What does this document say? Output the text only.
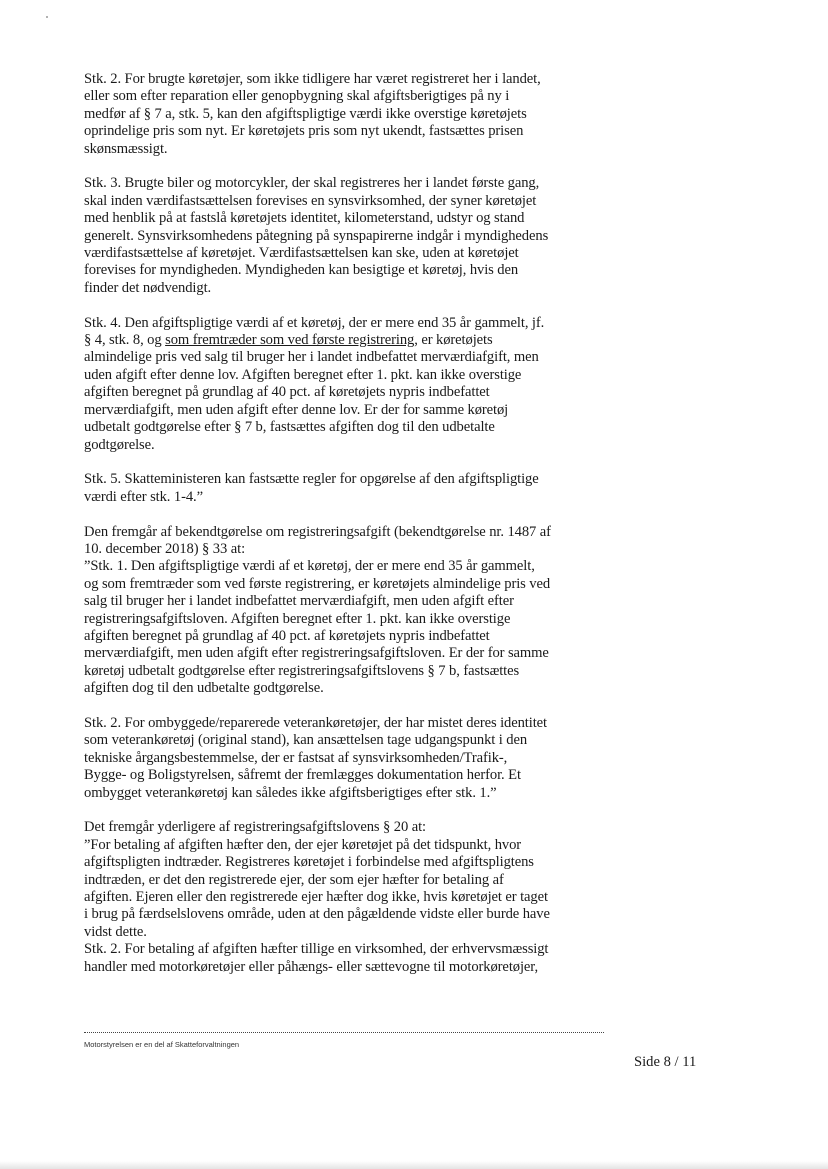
Stk. 2. For brugte køretøjer, som ikke tidligere har været registreret her i landet,
eller som efter reparation eller genopbygning skal afgiftsberigtiges på ny i
medfør af § 7 a, stk. 5, kan den afgiftspligtige værdi ikke overstige køretøjets
oprindelige pris som nyt. Er køretøjets pris som nyt ukendt, fastsættes prisen
skønsmæssigt.
Stk. 3. Brugte biler og motorcykler, der skal registreres her i landet første gang,
skal inden værdifastsættelsen forevises en synsvirksomhed, der syner køretøjet
med henblik på at fastslå køretøjets identitet, kilometerstand, udstyr og stand
generelt. Synsvirksomhedens påtegning på synspapirerne indgår i myndighedens
værdifastsættelse af køretøjet. Værdifastsættelsen kan ske, uden at køretøjet
forevises for myndigheden. Myndigheden kan besigtige et køretøj, hvis den
finder det nødvendigt.
Stk. 4. Den afgiftspligtige værdi af et køretøj, der er mere end 35 år gammelt, jf.
§ 4, stk. 8, og som fremtræder som ved første registrering, er køretøjets
almindelige pris ved salg til bruger her i landet indbefattet merværdiafgift, men
uden afgift efter denne lov. Afgiften beregnet efter 1. pkt. kan ikke overstige
afgiften beregnet på grundlag af 40 pct. af køretøjets nypris indbefattet
merværdiafgift, men uden afgift efter denne lov. Er der for samme køretøj
udbetalt godtgørelse efter § 7 b, fastsættes afgiften dog til den udbetalte
godtgørelse.
Stk. 5. Skatteministeren kan fastsætte regler for opgørelse af den afgiftspligtige
værdi efter stk. 1-4.”
Den fremgår af bekendtgørelse om registreringsafgift (bekendtgørelse nr. 1487 af
10. december 2018) § 33 at:
”Stk. 1. Den afgiftspligtige værdi af et køretøj, der er mere end 35 år gammelt,
og som fremtræder som ved første registrering, er køretøjets almindelige pris ved
salg til bruger her i landet indbefattet merværdiafgift, men uden afgift efter
registreringsafgiftsloven. Afgiften beregnet efter 1. pkt. kan ikke overstige
afgiften beregnet på grundlag af 40 pct. af køretøjets nypris indbefattet
merværdiafgift, men uden afgift efter registreringsafgiftsloven. Er der for samme
køretøj udbetalt godtgørelse efter registreringsafgiftslovens § 7 b, fastsættes
afgiften dog til den udbetalte godtgørelse.
Stk. 2. For ombyggede/reparerede veterankøretøjer, der har mistet deres identitet
som veterankøretøj (original stand), kan ansættelsen tage udgangspunkt i den
tekniske årgangsbestemmelse, der er fastsat af synsvirksomheden/Trafik-,
Bygge- og Boligstyrelsen, såfremt der fremlægges dokumentation herfor. Et
ombygget veterankøretøj kan således ikke afgiftsberigtiges efter stk. 1.”
Det fremgår yderligere af registreringsafgiftslovens § 20 at:
”For betaling af afgiften hæfter den, der ejer køretøjet på det tidspunkt, hvor
afgiftspligten indtræder. Registreres køretøjet i forbindelse med afgiftspligtens
indtræden, er det den registrerede ejer, der som ejer hæfter for betaling af
afgiften. Ejeren eller den registrerede ejer hæfter dog ikke, hvis køretøjet er taget
i brug på færdselslovens område, uden at den pågældende vidste eller burde have
vidst dette.
Stk. 2. For betaling af afgiften hæfter tillige en virksomhed, der erhvervsmæssigt
handler med motorkøretøjer eller påhængs- eller sættevogne til motorkøretøjer,
Motorstyrelsen er en del af Skatteforvaltningen
Side 8 / 11
